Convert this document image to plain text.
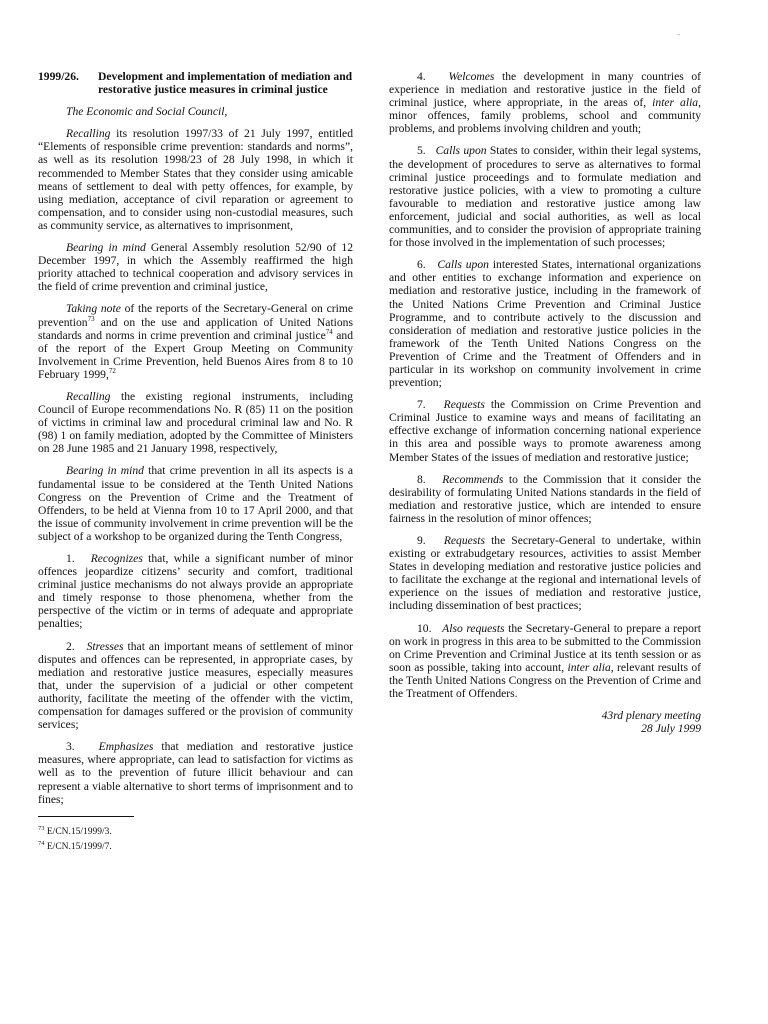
-
1999/26.	Development and implementation of mediation and restorative justice measures in criminal justice
The Economic and Social Council,

Recalling its resolution 1997/33 of 21 July 1997, entitled “Elements of responsible crime prevention: standards and norms”, as well as its resolution 1998/23 of 28 July 1998, in which it recommended to Member States that they consider using amicable means of settlement to deal with petty offences, for example, by using mediation, acceptance of civil reparation or agreement to compensation, and to consider using non-custodial measures, such as community service, as alternatives to imprisonment,

Bearing in mind General Assembly resolution 52/90 of 12 December 1997, in which the Assembly reaffirmed the high priority attached to technical cooperation and advisory services in the field of crime prevention and criminal justice,

Taking note of the reports of the Secretary-General on crime prevention$^{73}$ and on the use and application of United Nations standards and norms in crime prevention and criminal justice$^{74}$ and of the report of the Expert Group Meeting on Community Involvement in Crime Prevention, held Buenos Aires from 8 to 10 February 1999,72

Recalling the existing regional instruments, including Council of Europe recommendations No. R (85) 11 on the position of victims in criminal law and procedural criminal law and No. R (98) 1 on family mediation, adopted by the Committee of Ministers on 28 June 1985 and 21 January 1998, respectively,

Bearing in mind that crime prevention in all its aspects is a fundamental issue to be considered at the Tenth United Nations Congress on the Prevention of Crime and the Treatment of Offenders, to be held at Vienna from 10 to 17 April 2000, and that the issue of community involvement in crime prevention will be the subject of a workshop to be organized during the Tenth Congress,

1. Recognizes that, while a significant number of minor offences jeopardize citizens’ security and comfort, traditional criminal justice mechanisms do not always provide an appropriate and timely response to those phenomena, whether from the perspective of the victim or in terms of adequate and appropriate penalties;

2. Stresses that an important means of settlement of minor disputes and offences can be represented, in appropriate cases, by mediation and restorative justice measures, especially measures that, under the supervision of a judicial or other competent authority, facilitate the meeting of the offender with the victim, compensation for damages suffered or the provision of community services;

3. Emphasizes that mediation and restorative justice measures, where appropriate, can lead to satisfaction for victims as well as to the prevention of future illicit behaviour and can represent a viable alternative to short terms of imprisonment and to fines;

$^{73}$ E/CN.15/1999/3.
$^{74}$ E/CN.15/1999/7.

4. Welcomes the development in many countries of experience in mediation and restorative justice in the field of criminal justice, where appropriate, in the areas of, inter alia, minor offences, family problems, school and community problems, and problems involving children and youth;

5. Calls upon States to consider, within their legal systems, the development of procedures to serve as alternatives to formal criminal justice proceedings and to formulate mediation and restorative justice policies, with a view to promoting a culture favourable to mediation and restorative justice among law enforcement, judicial and social authorities, as well as local communities, and to consider the provision of appropriate training for those involved in the implementation of such processes;

6. Calls upon interested States, international organizations and other entities to exchange information and experience on mediation and restorative justice, including in the framework of the United Nations Crime Prevention and Criminal Justice Programme, and to contribute actively to the discussion and consideration of mediation and restorative justice policies in the framework of the Tenth United Nations Congress on the Prevention of Crime and the Treatment of Offenders and in particular in its workshop on community involvement in crime prevention;

7. Requests the Commission on Crime Prevention and Criminal Justice to examine ways and means of facilitating an effective exchange of information concerning national experience in this area and possible ways to promote awareness among Member States of the issues of mediation and restorative justice;

8. Recommends to the Commission that it consider the desirability of formulating United Nations standards in the field of mediation and restorative justice, which are intended to ensure fairness in the resolution of minor offences;

9. Requests the Secretary-General to undertake, within existing or extrabudgetary resources, activities to assist Member States in developing mediation and restorative justice policies and to facilitate the exchange at the regional and international levels of experience on the issues of mediation and restorative justice, including dissemination of best practices;

10. Also requests the Secretary-General to prepare a report on work in progress in this area to be submitted to the Commission on Crime Prevention and Criminal Justice at its tenth session or as soon as possible, taking into account, inter alia, relevant results of the Tenth United Nations Congress on the Prevention of Crime and the Treatment of Offenders.

43rd plenary meeting
28 July 1999
